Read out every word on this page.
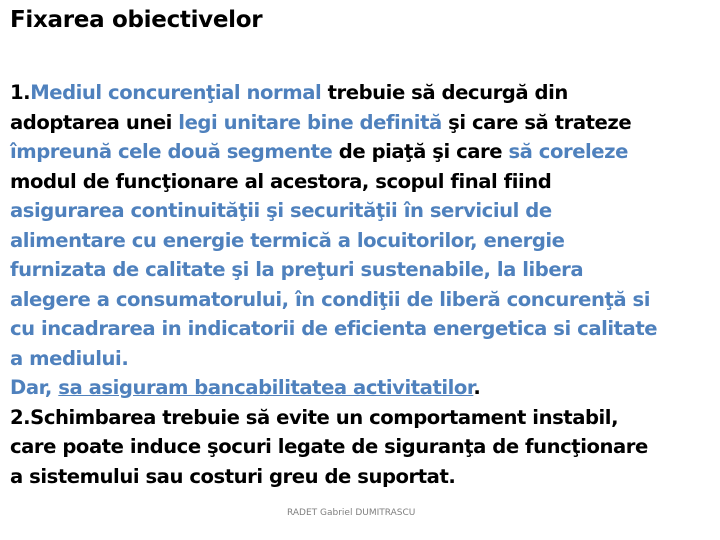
Fixarea obiectivelor
1.Mediul concurenţial normal trebuie să decurgă din
adoptarea unei legi unitare bine definită şi care să trateze
împreună cele două segmente de piaţă şi care să coreleze
modul de funcţionare al acestora, scopul final fiind
asigurarea continuităţii şi securităţii în serviciul de
alimentare cu energie termică a locuitorilor, energie
furnizata de calitate şi la preţuri sustenabile, la libera
alegere a consumatorului, în condiţii de liberă concurenţă si
cu incadrarea in indicatorii de eficienta energetica si calitate
a mediului.
Dar, sa asiguram bancabilitatea activitatilor.
2.Schimbarea trebuie să evite un comportament instabil,
care poate induce şocuri legate de siguranţa de funcţionare
a sistemului sau costuri greu de suportat.
RADET Gabriel DUMITRASCU
